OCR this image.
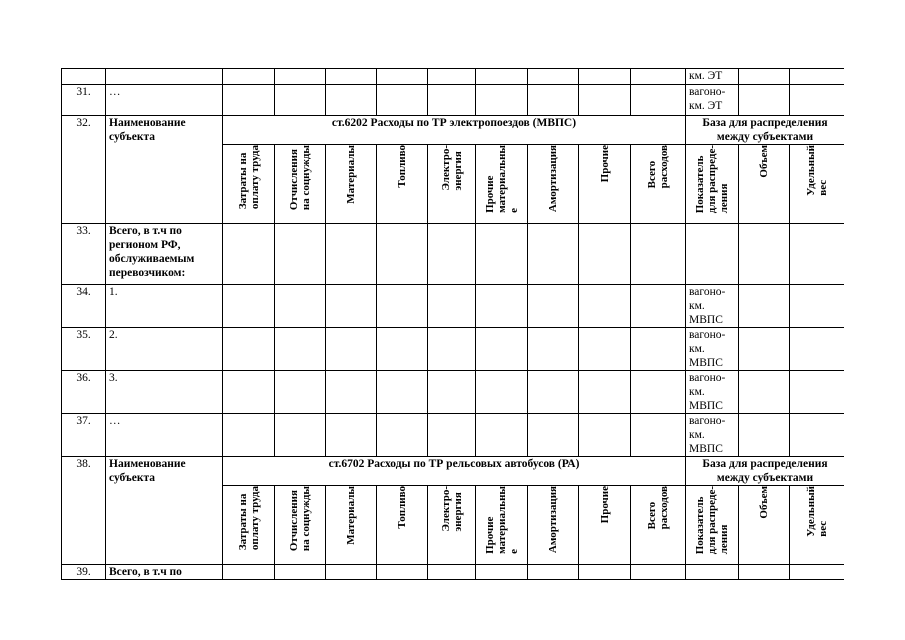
											км. ЭТ		
31.	…										вагоно-
км. ЭТ		

32.	Наименование субъекта	ст.6202 Расходы по ТР электропоездов (МВПС)									База для распределения между субъектами		

		Затраты на
оплату труда	Отчисления
на соцнужды	Материалы	Топливо	Электро-
энергия	Прочие
материальны
е	Амортизация	Прочие	Всего
расходов	Показатель
для распреде-
ления	Объем	Удельный
вес

33.	Всего, в т.ч по регионом РФ, обслуживаемым перевозчиком:												
34.	1.										вагоно-
км.
МВПС		

35.	2.										вагоно-
км.
МВПС		

36.	3.										вагоно-
км.
МВПС		

37.	…										вагоно-
км.
МВПС		

38.	Наименование субъекта	ст.6702 Расходы по ТР рельсовых автобусов (РА)									База для распределения между субъектами		

		Затраты на
оплату труда	Отчисления
на соцнужды	Материалы	Топливо	Электро-
энергия	Прочие
материальны
е	Амортизация	Прочие	Всего
расходов	Показатель
для распреде-
ления	Объем	Удельный
вес

39.	Всего, в т.ч по												
